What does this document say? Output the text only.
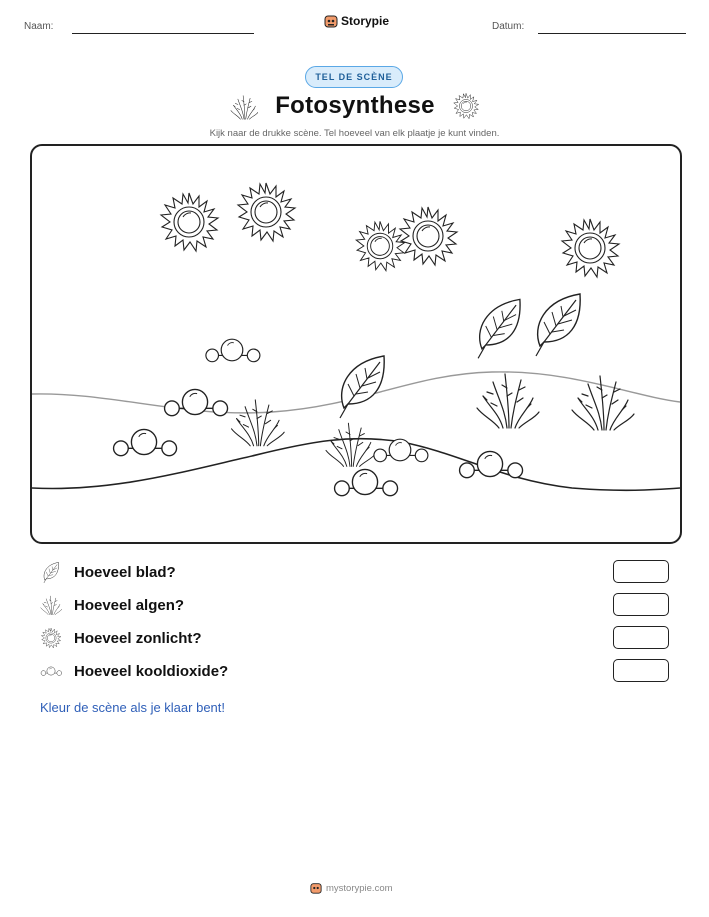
Naam:	Storypie	Datum:
TEL DE SCÈNE
Fotosynthese
Kijk naar de drukke scène. Tel hoeveel van elk plaatje je kunt vinden.
Hoeveel blad?
Hoeveel algen?
Hoeveel zonlicht?
Hoeveel kooldioxide?
Kleur de scène als je klaar bent!
mystorypie.com
